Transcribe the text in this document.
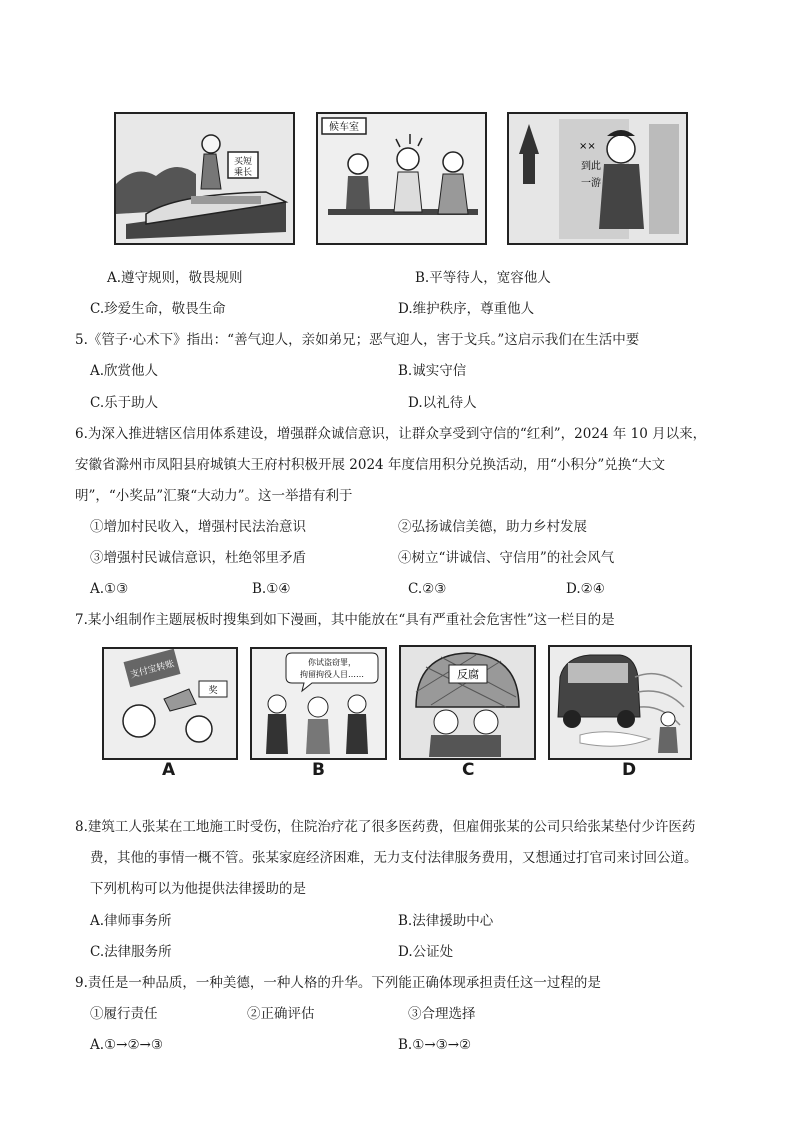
买短
乘长
候车室
××
到此
一游
A.遵守规则，敬畏规则	B.平等待人，宽容他人
C.珍爱生命，敬畏生命	D.维护秩序，尊重他人
5.《管子·心术下》指出：“善气迎人，亲如弟兄；恶气迎人，害于戈兵。”这启示我们在生活中要
A.欣赏他人	B.诚实守信
C.乐于助人	D.以礼待人
6.为深入推进辖区信用体系建设，增强群众诚信意识，让群众享受到守信的“红利”，2024 年 10 月以来，
安徽省滁州市凤阳县府城镇大王府村积极开展 2024 年度信用积分兑换活动，用“小积分”兑换“大文
明”，“小奖品”汇聚“大动力”。这一举措有利于
①增加村民收入，增强村民法治意识	②弘扬诚信美德，助力乡村发展
③增强村民诚信意识，杜绝邻里矛盾	④树立“讲诚信、守信用”的社会风气
A.①③	B.①④	C.②③	D.②④
7.某小组制作主题展板时搜集到如下漫画，其中能放在“具有严重社会危害性”这一栏目的是
支付宝转账
奖
A
你试盗窃罪，
拘留拘役人目……
B
反腐
C	D
8.建筑工人张某在工地施工时受伤，住院治疗花了很多医药费，但雇佣张某的公司只给张某垫付少许医药
费，其他的事情一概不管。张某家庭经济困难，无力支付法律服务费用，又想通过打官司来讨回公道。
下列机构可以为他提供法律援助的是
A.律师事务所	B.法律援助中心
C.法律服务所	D.公证处
9.责任是一种品质，一种美德，一种人格的升华。下列能正确体现承担责任这一过程的是
①履行责任	②正确评估	③合理选择
A.①→②→③	B.①→③→②
